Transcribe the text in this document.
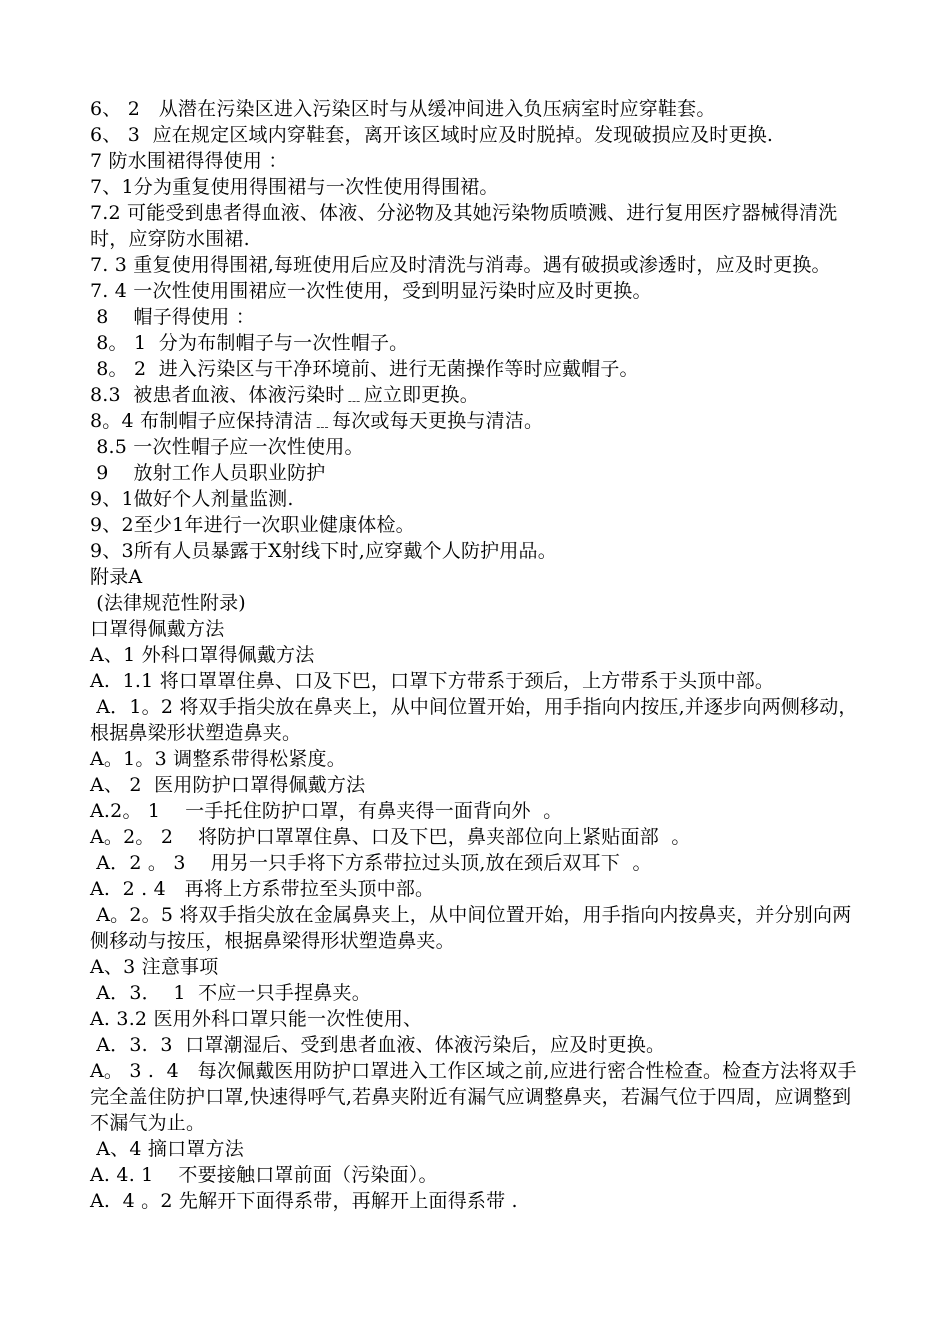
6、 2   从潜在污染区进入污染区时与从缓冲间进入负压病室时应穿鞋套。

6、 3  应在规定区域内穿鞋套，离开该区域时应及时脱掉。发现破损应及时更换.

7 防水围裙得得使用 ：

7、1分为重复使用得围裙与一次性使用得围裙。

7.2 可能受到患者得血液、体液、分泌物及其她污染物质喷溅、进行复用医疗器械得清洗时，应穿防水围裙.

7. 3 重复使用得围裙,每班使用后应及时清洗与消毒。遇有破损或渗透时，应及时更换。

7. 4 一次性使用围裙应一次性使用，受到明显污染时应及时更换。

8    帽子得使用 ：

8。 1  分为布制帽子与一次性帽子。

8。 2  进入污染区与干净环境前、进行无菌操作等时应戴帽子。

8.3  被患者血液、体液污染时﹍应立即更换。

8。4 布制帽子应保持清洁﹍每次或每天更换与清洁。

8.5 一次性帽子应一次性使用。

9    放射工作人员职业防护

9、1做好个人剂量监测.

9、2至少1年进行一次职业健康体检。

9、3所有人员暴露于X射线下时,应穿戴个人防护用品。

附录A

(法律规范性附录)

口罩得佩戴方法

A、1 外科口罩得佩戴方法

A.  1.1 将口罩罩住鼻、口及下巴，口罩下方带系于颈后，上方带系于头顶中部。

A．1。2 将双手指尖放在鼻夹上，从中间位置开始，用手指向内按压,并逐步向两侧移动，根据鼻梁形状塑造鼻夹。

A。1。3 调整系带得松紧度。

A、 2  医用防护口罩得佩戴方法

A.2。 1    一手托住防护口罩，有鼻夹得一面背向外  。

A。2。 2    将防护口罩罩住鼻、口及下巴，鼻夹部位向上紧贴面部  。

A．2 。 3    用另一只手将下方系带拉过头顶,放在颈后双耳下  。

A.  2 . 4   再将上方系带拉至头顶中部。

A。2。5 将双手指尖放在金属鼻夹上，从中间位置开始，用手指向内按鼻夹，并分别向两侧移动与按压，根据鼻梁得形状塑造鼻夹。

A、3 注意事项

A．3．  1  不应一只手捏鼻夹。

A. 3.2 医用外科口罩只能一次性使用、

A．3.  3  口罩潮湿后、受到患者血液、体液污染后，应及时更换。

A。 3 .  4   每次佩戴医用防护口罩进入工作区域之前,应进行密合性检查。检查方法将双手完全盖住防护口罩,快速得呼气,若鼻夹附近有漏气应调整鼻夹，若漏气位于四周，应调整到不漏气为止。

A、4 摘口罩方法

A. 4. 1    不要接触口罩前面（污染面）。

A.  4 。2 先解开下面得系带，再解开上面得系带 .
